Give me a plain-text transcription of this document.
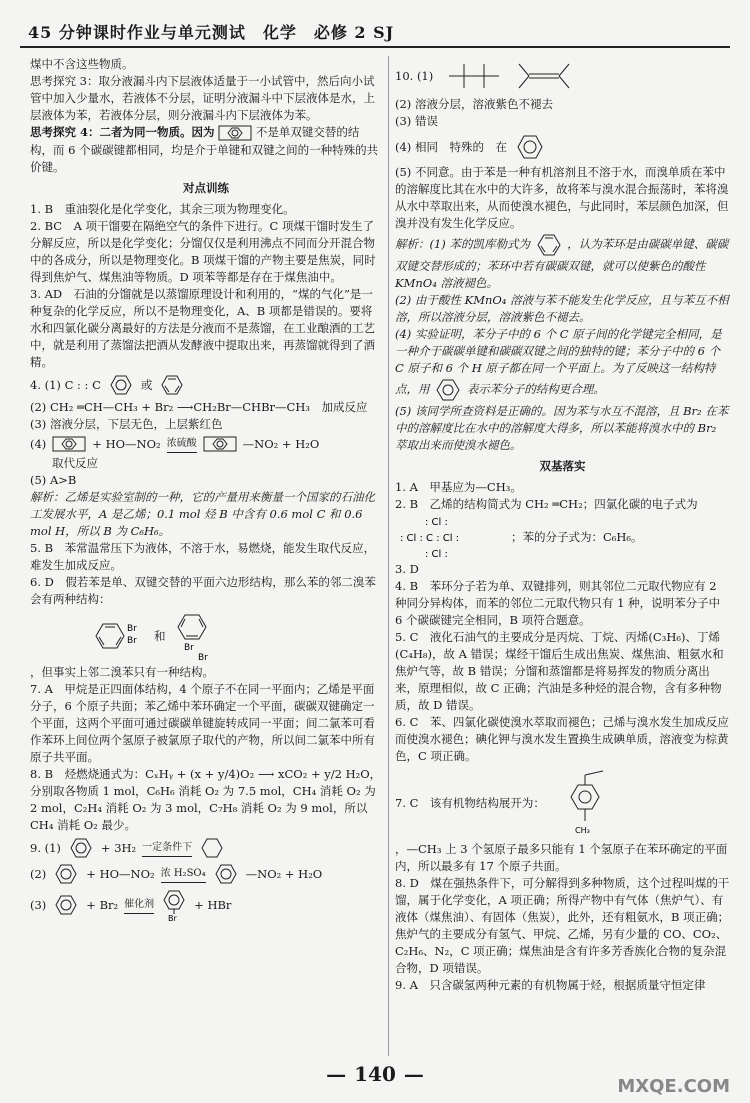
45 分钟课时作业与单元测试　化学　必修 2 SJ

煤中不含这些物质。

思考探究 3：取分液漏斗内下层液体适量于一小试管中，然后向小试管中加入少量水，若液体不分层，证明分液漏斗中下层液体是水，上层液体为苯，若液体分层，则分液漏斗内下层液体为苯。

思考探究 4：二者为同一物质。因为	不是单双键交替的结构，而 6 个碳碳键都相同，均是介于单键和双键之间的一种特殊的共价键。

对点训练

1. B　重油裂化是化学变化，其余三项为物理变化。

2. BC　A 项干馏要在隔绝空气的条件下进行。C 项煤干馏时发生了分解反应，所以是化学变化；分馏仅仅是利用沸点不同而分开混合物中的各成分，所以是物理变化。B 项煤干馏的产物主要是焦炭，同时得到焦炉气、煤焦油等物质。D 项苯等都是存在于煤焦油中。

3. AD　石油的分馏就是以蒸馏原理设计和利用的，“煤的气化”是一种复杂的化学反应，所以不是物理变化，A、B 项都是错误的。要将水和四氯化碳分离最好的方法是分液而不是蒸馏，在工业酿酒的工艺中，就是利用了蒸馏法把酒从发酵液中提取出来，再蒸馏就得到了酒精。

4. (1) C : : C	或

(2) CH₂ ═CH—CH₃ + Br₂ ⟶CH₂Br—CHBr—CH₃　加成反应

(3) 溶液分层，下层无色，上层紫红色

(4)	+ HO—NO₂ 浓硫酸	—NO₂ + H₂O

取代反应

(5) A>B

解析：乙烯是实验室制的一种，它的产量用来衡量一个国家的石油化工发展水平，A 是乙烯；0.1 mol 烃 B 中含有 0.6 mol C 和 0.6 mol H，所以 B 为 C₆H₆。

5. B　苯常温常压下为液体，不溶于水，易燃烧，能发生取代反应，难发生加成反应。

6. D　假若苯是单、双键交替的平面六边形结构，那么苯的邻二溴苯会有两种结构：

Br
Br 和
Br
Br

，但事实上邻二溴苯只有一种结构。

7. A　甲烷是正四面体结构，4 个原子不在同一平面内；乙烯是平面分子，6 个原子共面；苯乙烯中苯环确定一个平面，碳碳双键确定一个平面，这两个平面可通过碳碳单键旋转成同一平面；间二氯苯可看作苯环上间位两个氢原子被氯原子取代的产物，所以间二氯苯中所有原子共平面。

8. B　烃燃烧通式为：CₓHᵧ + (x + y/4)O₂ ⟶ xCO₂ + y/2 H₂O，分别取各物质 1 mol，C₆H₆ 消耗 O₂ 为 7.5 mol，CH₄ 消耗 O₂ 为 2 mol，C₂H₄ 消耗 O₂ 为 3 mol，C₇H₈ 消耗 O₂ 为 9 mol，所以 CH₄ 消耗 O₂ 最少。

9. (1)	+ 3H₂ 一定条件下
(2)	+ HO—NO₂ 浓 H₂SO₄	—NO₂ + H₂O
(3)	+ Br₂ 催化剂
Br
+ HBr
10. (1)

(2) 溶液分层，溶液紫色不褪去

(3) 错误

(4) 相同　特殊的　在

(5) 不同意。由于苯是一种有机溶剂且不溶于水，而溴单质在苯中的溶解度比其在水中的大许多，故将苯与溴水混合振荡时，苯将溴从水中萃取出来，从而使溴水褪色，与此同时，苯层颜色加深，但溴并没有发生化学反应。

解析：(1) 苯的凯库勒式为	，认为苯环是由碳碳单键、碳碳双键交替形成的；苯环中若有碳碳双键，就可以使紫色的酸性 KMnO₄ 溶液褪色。

(2) 由于酸性 KMnO₄ 溶液与苯不能发生化学反应，且与苯互不相溶，所以溶液分层，溶液紫色不褪去。

(4) 实验证明，苯分子中的 6 个 C 原子间的化学键完全相同，是一种介于碳碳单键和碳碳双键之间的独特的键；苯分子中的 6 个 C 原子和 6 个 H 原子都在同一个平面上。为了反映这一结构特点，用	表示苯分子的结构更合理。

(5) 该同学所查资料是正确的。因为苯与水互不混溶，且 Br₂ 在苯中的溶解度比在水中的溶解度大得多，所以苯能将溴水中的 Br₂ 萃取出来而使溴水褪色。

双基落实

1. A　甲基应为—CH₃。

2. B　乙烯的结构简式为 CH₂ ═CH₂；四氯化碳的电子式为

: Cl :
: Cl : C : Cl :
: Cl :
；苯的分子式为：C₆H₆。

3. D

4. B　苯环分子若为单、双键排列，则其邻位二元取代物应有 2 种同分异构体，而苯的邻位二元取代物只有 1 种，说明苯分子中 6 个碳碳键完全相同，B 项符合题意。

5. C　液化石油气的主要成分是丙烷、丁烷、丙烯(C₃H₆)、丁烯(C₄H₈)，故 A 错误；煤经干馏后生成出焦炭、煤焦油、粗氨水和焦炉气等，故 B 错误；分馏和蒸馏都是将易挥发的物质分离出来，原理相似，故 C 正确；汽油是多种烃的混合物，含有多种物质，故 D 错误。

6. C　苯、四氯化碳使溴水萃取而褪色；己烯与溴水发生加成反应而使溴水褪色；碘化钾与溴水发生置换生成碘单质，溶液变为棕黄色，C 项正确。

7. C　该有机物结构展开为：
CH₃

，—CH₃ 上 3 个氢原子最多只能有 1 个氢原子在苯环确定的平面内，所以最多有 17 个原子共面。

8. D　煤在强热条件下，可分解得到多种物质，这个过程叫煤的干馏，属于化学变化，A 项正确；所得产物中有气体（焦炉气）、有液体（煤焦油）、有固体（焦炭），此外，还有粗氨水，B 项正确；焦炉气的主要成分有氢气、甲烷、乙烯，另有少量的 CO、CO₂、C₂H₆、N₂，C 项正确；煤焦油是含有许多芳香族化合物的复杂混合物，D 项错误。

9. A　只含碳氢两种元素的有机物属于烃，根据质量守恒定律

— 140 —
MXQE.COM
